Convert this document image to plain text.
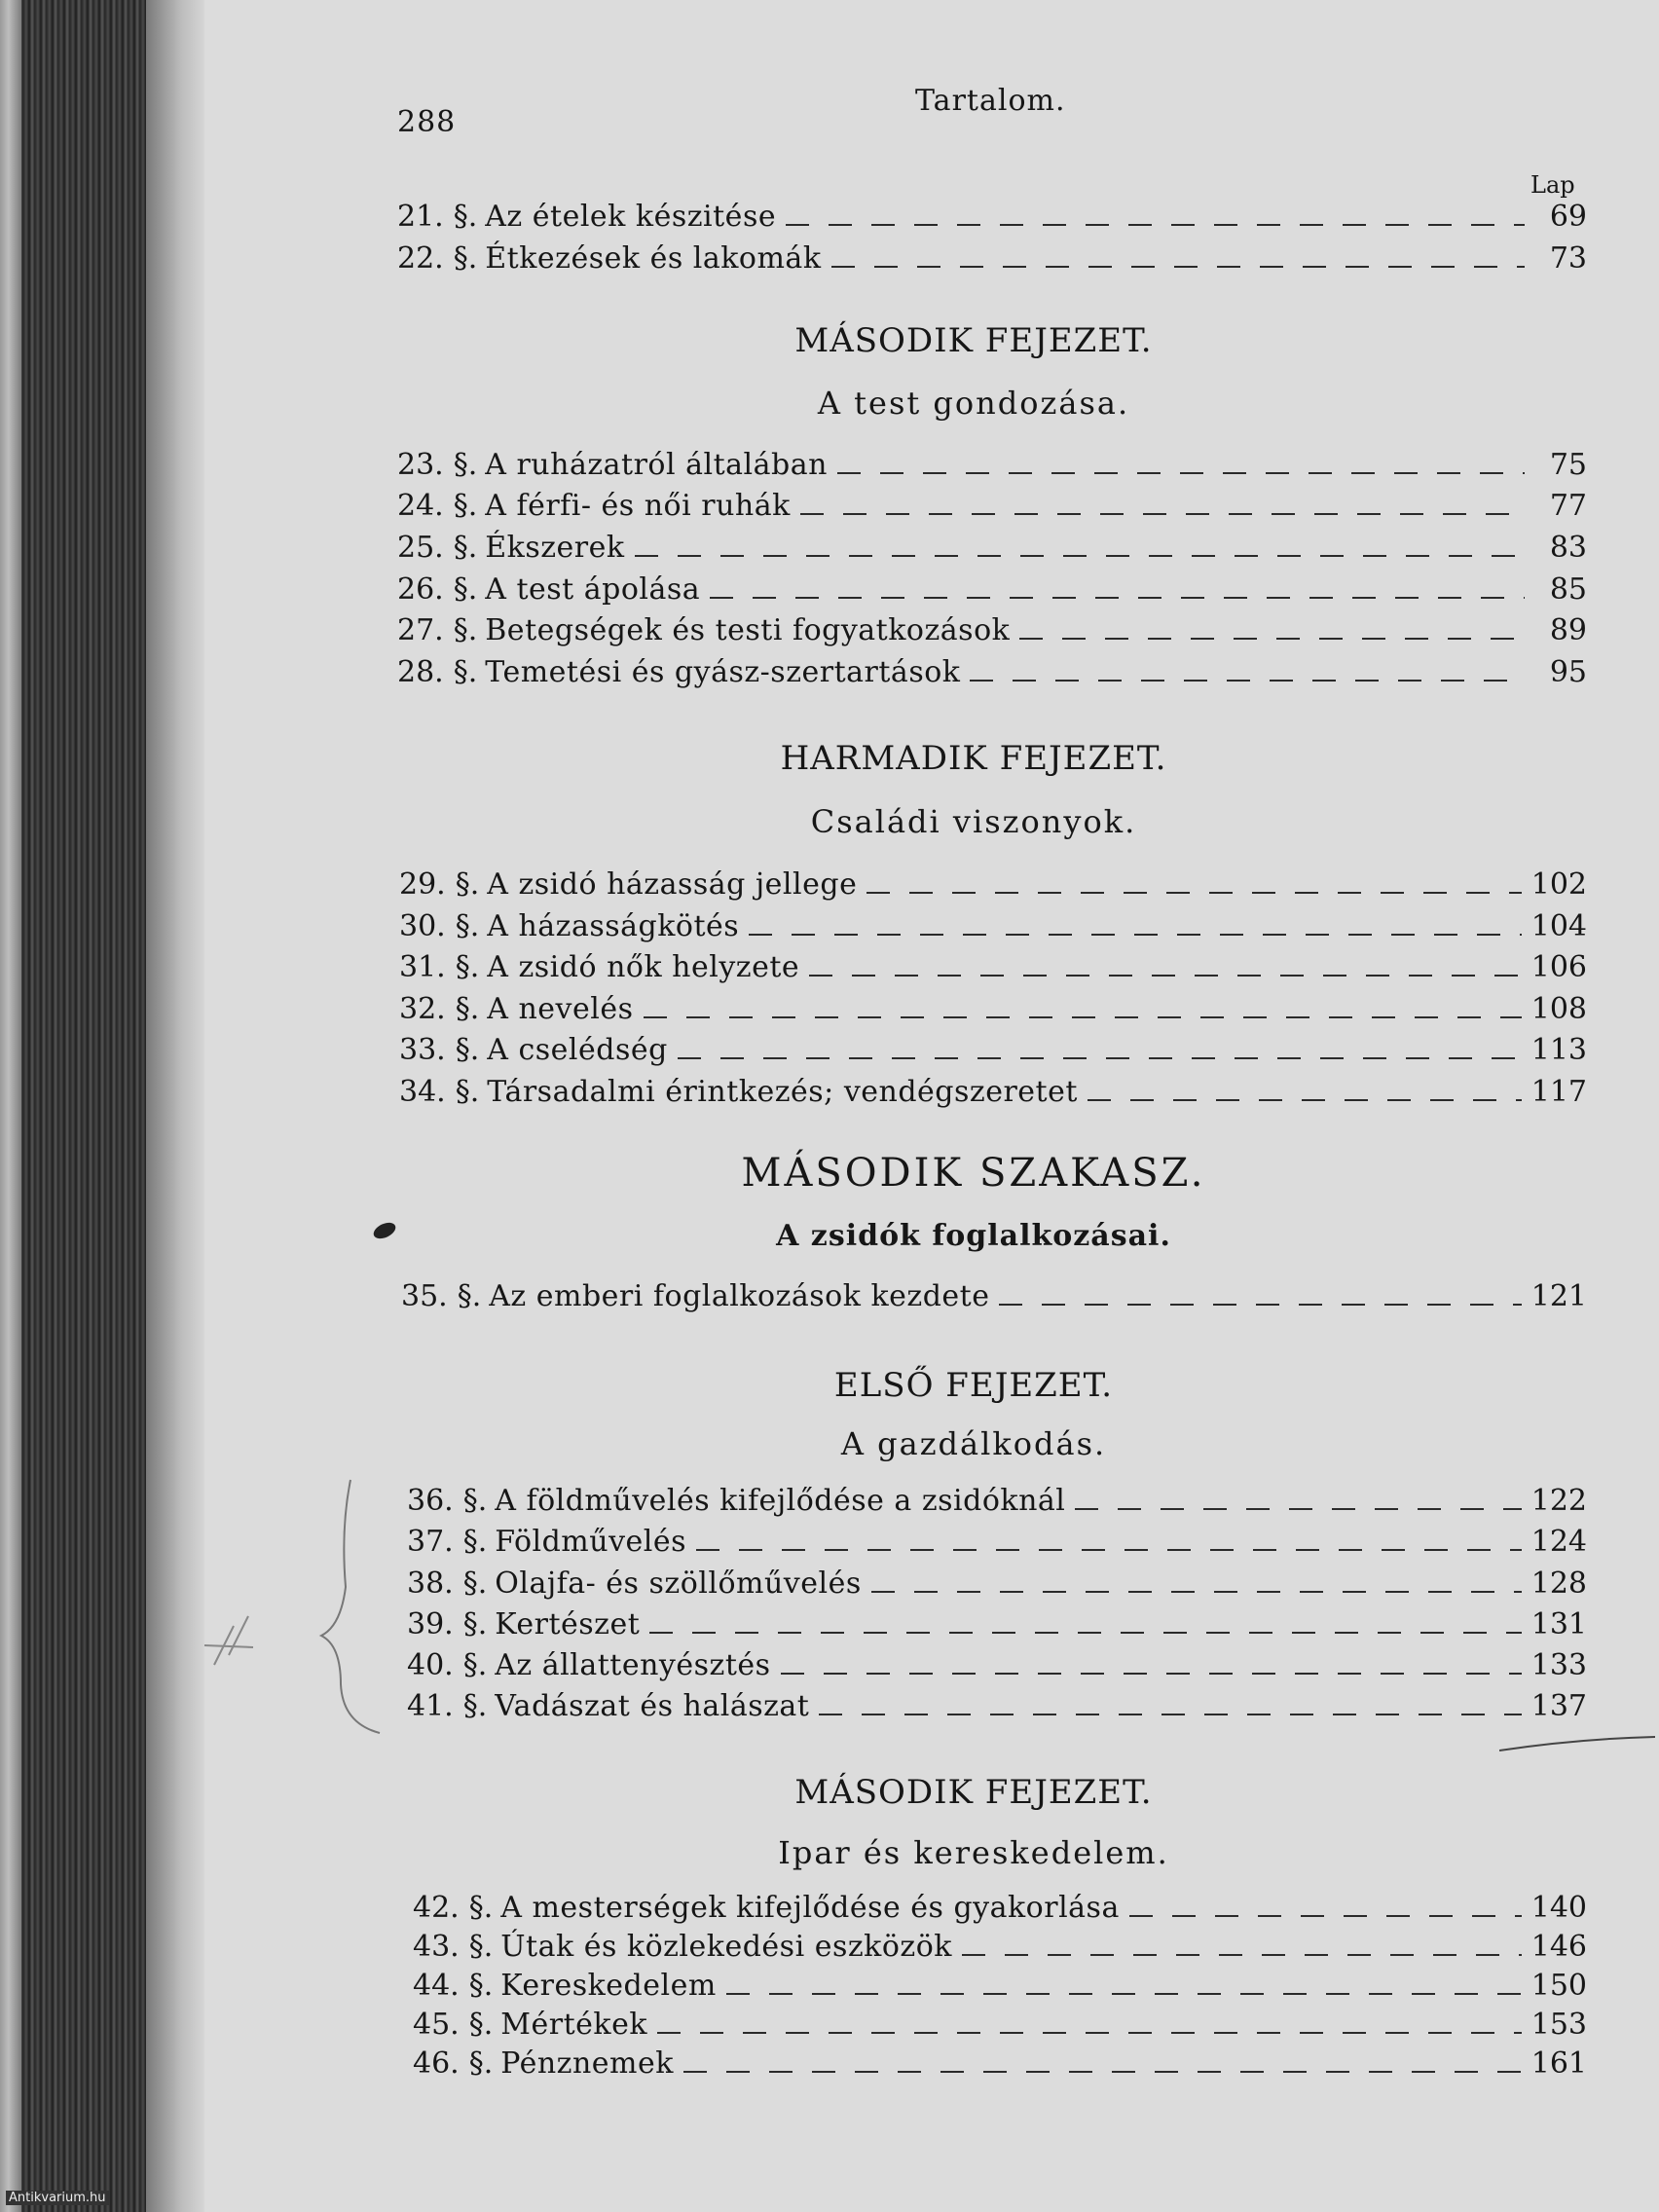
288
Tartalom.
Lap
21. §. Az ételek készitése	69
22. §. Étkezések és lakomák	73
MÁSODIK FEJEZET.
A test gondozása.
23. §. A ruházatról általában	75
24. §. A férfi- és női ruhák	77
25. §. Ékszerek	83
26. §. A test ápolása	85
27. §. Betegségek és testi fogyatkozások	89
28. §. Temetési és gyász-szertartások	95
HARMADIK FEJEZET.
Családi viszonyok.
29. §. A zsidó házasság jellege	102
30. §. A házasságkötés	104
31. §. A zsidó nők helyzete	106
32. §. A nevelés	108
33. §. A cselédség	113
34. §. Társadalmi érintkezés; vendégszeretet	117
MÁSODIK SZAKASZ.
A zsidók foglalkozásai.
35. §. Az emberi foglalkozások kezdete	121
ELSŐ FEJEZET.
A gazdálkodás.
36. §. A földművelés kifejlődése a zsidóknál	122
37. §. Földművelés	124
38. §. Olajfa- és szöllőművelés	128
39. §. Kertészet	131
40. §. Az állattenyésztés	133
41. §. Vadászat és halászat	137
MÁSODIK FEJEZET.
Ipar és kereskedelem.
42. §. A mesterségek kifejlődése és gyakorlása	140
43. §. Útak és közlekedési eszközök	146
44. §. Kereskedelem	150
45. §. Mértékek	153
46. §. Pénznemek	161
Antikvarium.hu
